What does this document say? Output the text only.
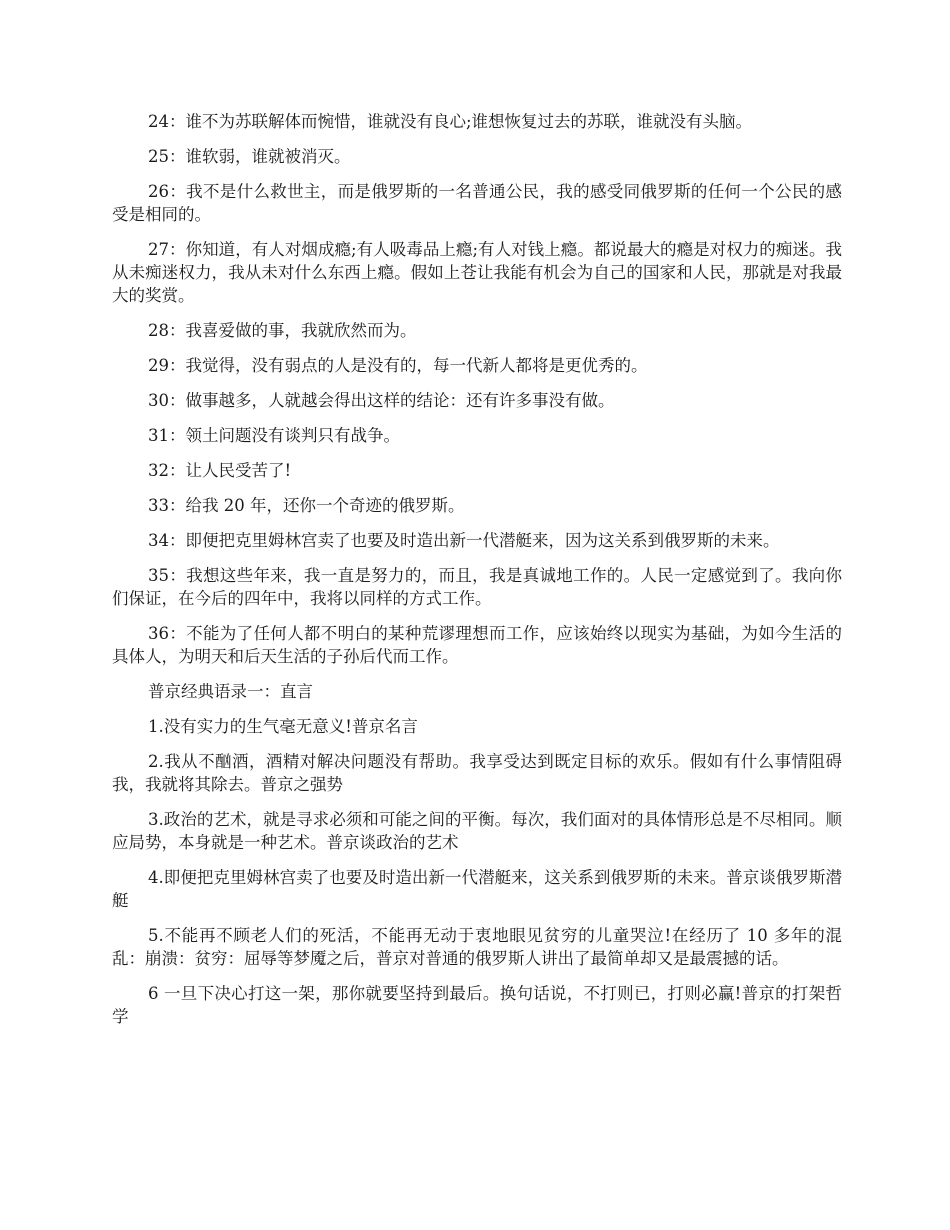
24：谁不为苏联解体而惋惜，谁就没有良心;谁想恢复过去的苏联，谁就没有头脑。

25：谁软弱，谁就被消灭。

26：我不是什么救世主，而是俄罗斯的一名普通公民，我的感受同俄罗斯的任何一个公民的感受是相同的。

27：你知道，有人对烟成瘾;有人吸毒品上瘾;有人对钱上瘾。都说最大的瘾是对权力的痴迷。我从未痴迷权力，我从未对什么东西上瘾。假如上苍让我能有机会为自己的国家和人民，那就是对我最大的奖赏。

28：我喜爱做的事，我就欣然而为。

29：我觉得，没有弱点的人是没有的，每一代新人都将是更优秀的。

30：做事越多，人就越会得出这样的结论：还有许多事没有做。

31：领土问题没有谈判只有战争。

32：让人民受苦了!

33：给我 20 年，还你一个奇迹的俄罗斯。

34：即便把克里姆林宫卖了也要及时造出新一代潜艇来，因为这关系到俄罗斯的未来。

35：我想这些年来，我一直是努力的，而且，我是真诚地工作的。人民一定感觉到了。我向你们保证，在今后的四年中，我将以同样的方式工作。

36：不能为了任何人都不明白的某种荒谬理想而工作，应该始终以现实为基础，为如今生活的具体人，为明天和后天生活的子孙后代而工作。

普京经典语录一：直言

1.没有实力的生气毫无意义!普京名言

2.我从不酗酒，酒精对解决问题没有帮助。我享受达到既定目标的欢乐。假如有什么事情阻碍我，我就将其除去。普京之强势

3.政治的艺术，就是寻求必须和可能之间的平衡。每次，我们面对的具体情形总是不尽相同。顺应局势，本身就是一种艺术。普京谈政治的艺术

4.即便把克里姆林宫卖了也要及时造出新一代潜艇来，这关系到俄罗斯的未来。普京谈俄罗斯潜艇

5.不能再不顾老人们的死活，不能再无动于衷地眼见贫穷的儿童哭泣!在经历了 10 多年的混乱：崩溃：贫穷：屈辱等梦魇之后，普京对普通的俄罗斯人讲出了最简单却又是最震撼的话。

6 一旦下决心打这一架，那你就要坚持到最后。换句话说，不打则已，打则必赢!普京的打架哲学
